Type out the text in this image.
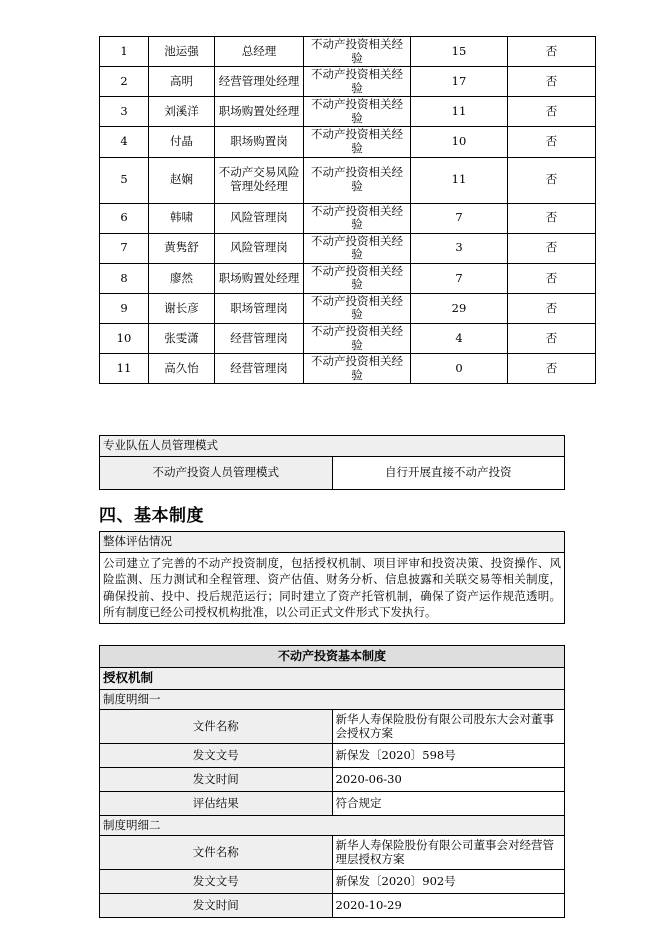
1	池运强	总经理	不动产投资相关经验	15	否
2	高明	经营管理处经理	不动产投资相关经验	17	否
3	刘溪洋	职场购置处经理	不动产投资相关经验	11	否
4	付晶	职场购置岗	不动产投资相关经验	10	否
5	赵娴	不动产交易风险管理处经理	不动产投资相关经验	11	否
6	韩啸	风险管理岗	不动产投资相关经验	7	否
7	黄隽舒	风险管理岗	不动产投资相关经验	3	否
8	廖然	职场购置处经理	不动产投资相关经验	7	否
9	谢长彦	职场管理岗	不动产投资相关经验	29	否
10	张雯潇	经营管理岗	不动产投资相关经验	4	否
11	高久怡	经营管理岗	不动产投资相关经验	0	否
专业队伍人员管理模式
不动产投资人员管理模式	自行开展直接不动产投资
四、基本制度
整体评估情况
公司建立了完善的不动产投资制度，包括授权机制、项目评审和投资决策、投资操作、风险监测、压力测试和全程管理、资产估值、财务分析、信息披露和关联交易等相关制度，确保投前、投中、投后规范运行；同时建立了资产托管机制，确保了资产运作规范透明。所有制度已经公司授权机构批准，以公司正式文件形式下发执行。
不动产投资基本制度	
授权机制	
制度明细一	
文件名称	新华人寿保险股份有限公司股东大会对董事会授权方案
发文文号	新保发〔2020〕598号
发文时间	2020-06-30
评估结果	符合规定
制度明细二	
文件名称	新华人寿保险股份有限公司董事会对经营管理层授权方案
发文文号	新保发〔2020〕902号
发文时间	2020-10-29
